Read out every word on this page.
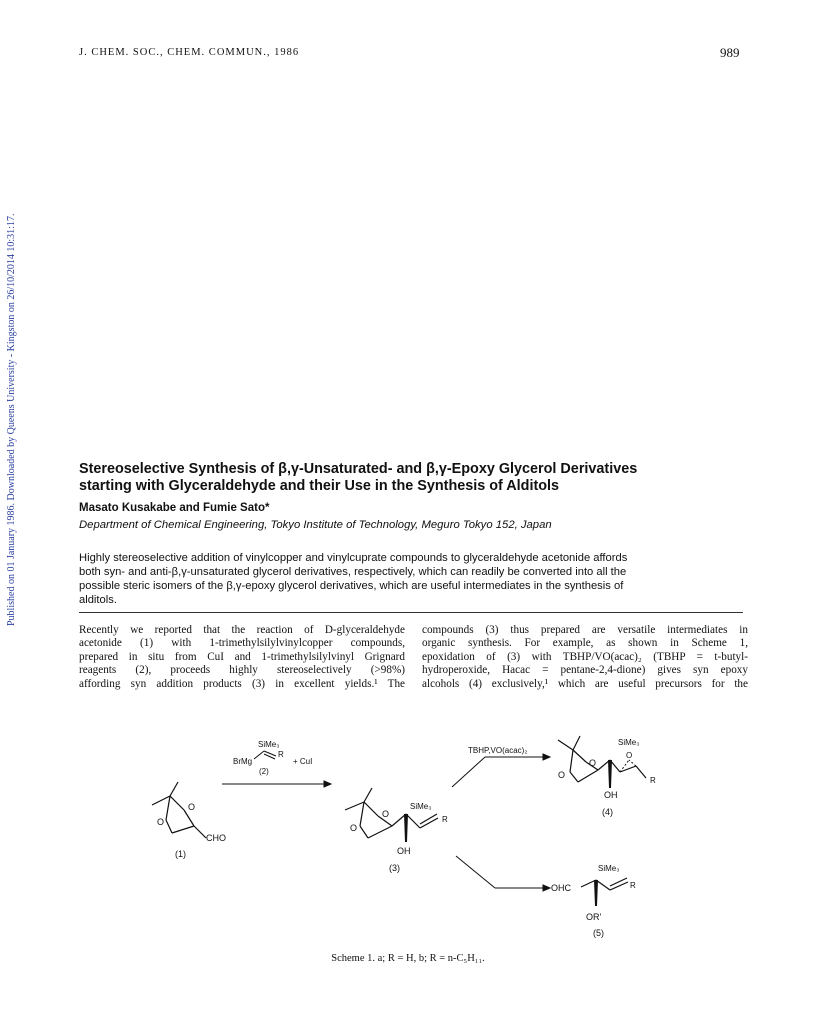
J. CHEM. SOC., CHEM. COMMUN., 1986	989
Published on 01 January 1986. Downloaded by Queens University - Kingston on 26/10/2014 10:31:17.	Stereoselective Synthesis of β,γ-Unsaturated- and β,γ-Epoxy Glycerol Derivatives
starting with Glyceraldehyde and their Use in the Synthesis of Alditols
Masato Kusakabe and Fumie Sato*
Department of Chemical Engineering, Tokyo Institute of Technology, Meguro Tokyo 152, Japan
Highly stereoselective addition of vinylcopper and vinylcuprate compounds to glyceraldehyde acetonide affords
both syn- and anti-β,γ-unsaturated glycerol derivatives, respectively, which can readily be converted into all the
possible steric isomers of the β,γ-epoxy glycerol derivatives, which are useful intermediates in the synthesis of
alditols.
Recently we reported that the reaction of D-glyceraldehyde
acetonide (1) with 1-trimethylsilylvinylcopper compounds,
prepared in situ from CuI and 1-trimethylsilylvinyl Grignard
reagents (2), proceeds highly stereoselectively (>98%)
affording syn addition products (3) in excellent yields.¹ The
compounds (3) thus prepared are versatile intermediates in
organic synthesis. For example, as shown in Scheme 1,
epoxidation of (3) with TBHP/VO(acac)₂ (TBHP = t-butyl-
hydroperoxide, Hacac = pentane-2,4-dione) gives syn epoxy
alcohols (4) exclusively,¹ which are useful precursors for the
O
O
CHO
(1)
SiMe₃
BrMg
R
+ CuI
(2)
O
O
SiMe₃
R
OH
(3)
TBHP,VO(acac)₂
O
O
SiMe₃
O
R
OH
(4)
OHC
SiMe₃
R
OR'
(5)
Scheme 1. a; R = H, b; R = n-C₅H₁₁.
